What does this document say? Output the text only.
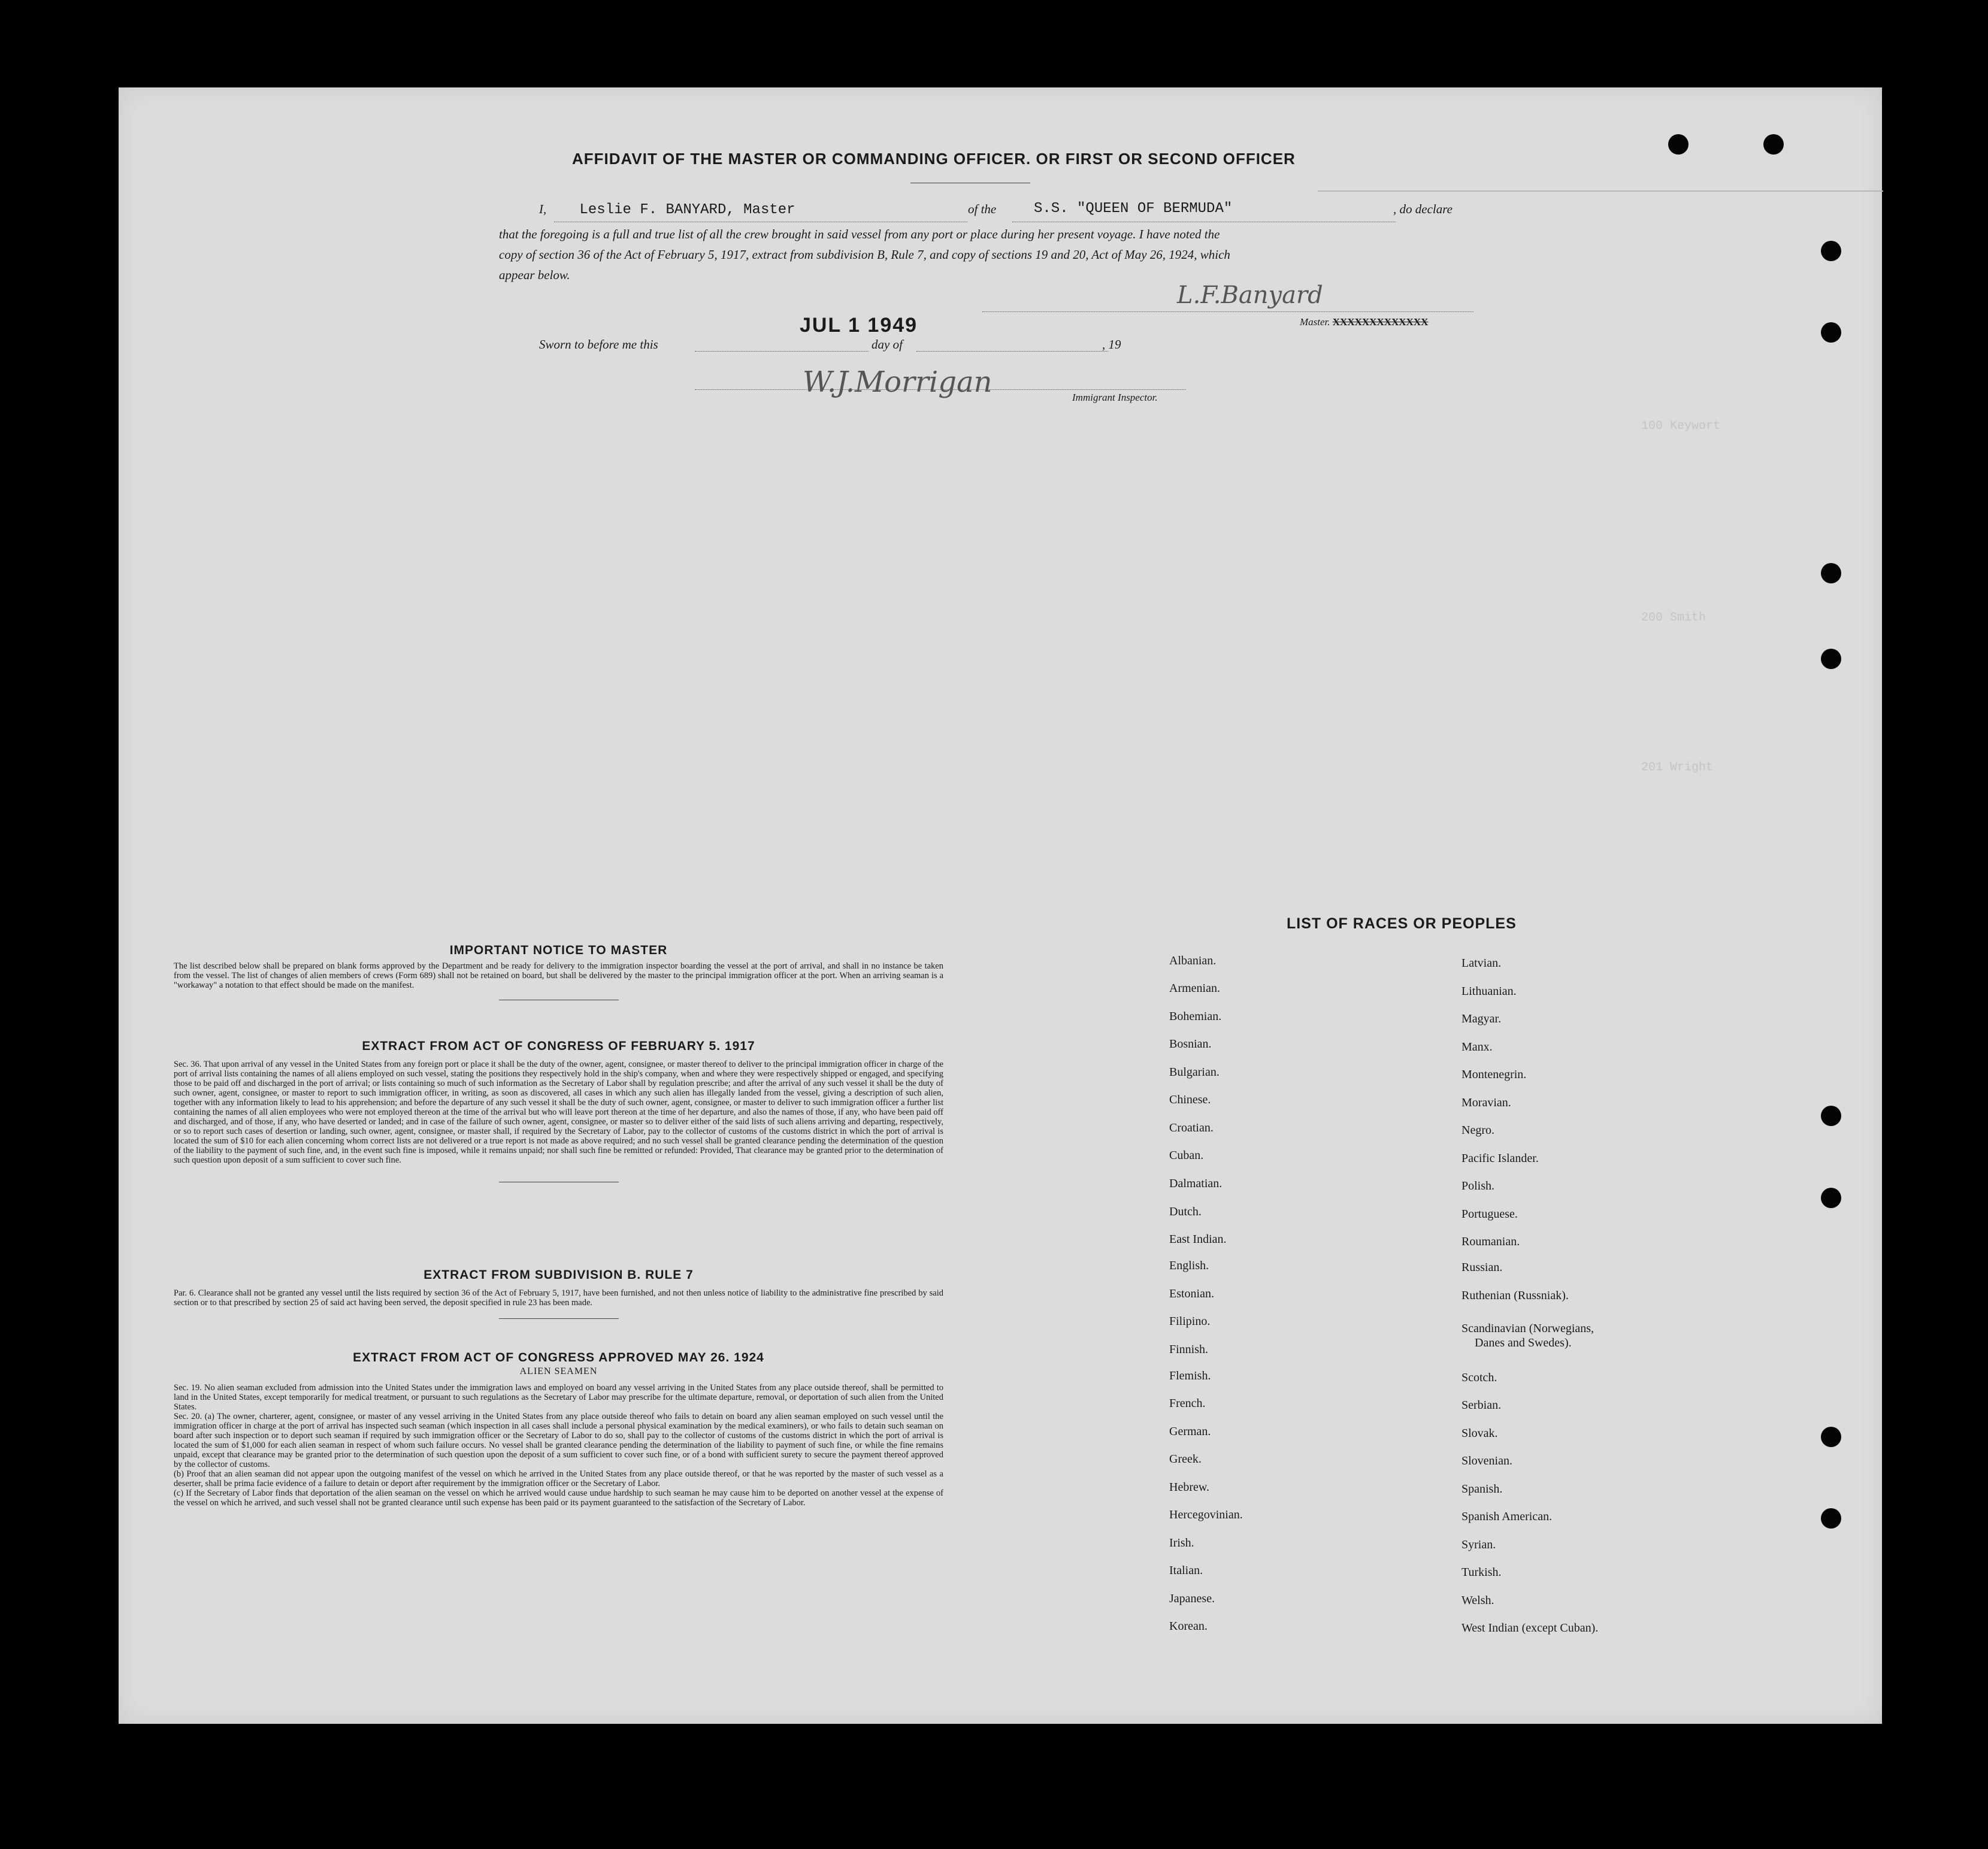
AFFIDAVIT OF THE MASTER OR COMMANDING OFFICER. OR FIRST OR SECOND OFFICER
I, Leslie F. BANYARD, Master	of the	S.S. "QUEEN OF BERMUDA"	, do declare
that the foregoing is a full and true list of all the crew brought in said vessel from any port or place during her present voyage. I have noted the
copy of section 36 of the Act of February 5, 1917, extract from subdivision B, Rule 7, and copy of sections 19 and 20, Act of May 26, 1924, which
appear below.
L.F.Banyard
Master. XXXXXXXXXXXXX
Sworn to before me this
JUL 1 1949
day of	, 19
W.J.Morrigan	Immigrant Inspector.
100 Keywort
200 Smith
201 Wright
IMPORTANT NOTICE TO MASTER

The list described below shall be prepared on blank forms approved by the Department and be ready for delivery to the immigration inspector boarding the vessel at the port of arrival, and shall in no instance be taken from the vessel. The list of changes of alien members of crews (Form 689) shall not be retained on board, but shall be delivered by the master to the principal immigration officer at the port. When an arriving seaman is a "workaway" a notation to that effect should be made on the manifest.

EXTRACT FROM ACT OF CONGRESS OF FEBRUARY 5. 1917

Sec. 36. That upon arrival of any vessel in the United States from any foreign port or place it shall be the duty of the owner, agent, consignee, or master thereof to deliver to the principal immigration officer in charge of the port of arrival lists containing the names of all aliens employed on such vessel, stating the positions they respectively hold in the ship's company, when and where they were respectively shipped or engaged, and specifying those to be paid off and discharged in the port of arrival; or lists containing so much of such information as the Secretary of Labor shall by regulation prescribe; and after the arrival of any such vessel it shall be the duty of such owner, agent, consignee, or master to report to such immigration officer, in writing, as soon as discovered, all cases in which any such alien has illegally landed from the vessel, giving a description of such alien, together with any information likely to lead to his apprehension; and before the departure of any such vessel it shall be the duty of such owner, agent, consignee, or master to deliver to such immigration officer a further list containing the names of all alien employees who were not employed thereon at the time of the arrival but who will leave port thereon at the time of her departure, and also the names of those, if any, who have been paid off and discharged, and of those, if any, who have deserted or landed; and in case of the failure of such owner, agent, consignee, or master so to deliver either of the said lists of such aliens arriving and departing, respectively, or so to report such cases of desertion or landing, such owner, agent, consignee, or master shall, if required by the Secretary of Labor, pay to the collector of customs of the customs district in which the port of arrival is located the sum of $10 for each alien concerning whom correct lists are not delivered or a true report is not made as above required; and no such vessel shall be granted clearance pending the determination of the question of the liability to the payment of such fine, and, in the event such fine is imposed, while it remains unpaid; nor shall such fine be remitted or refunded: Provided, That clearance may be granted prior to the determination of such question upon deposit of a sum sufficient to cover such fine.

EXTRACT FROM SUBDIVISION B. RULE 7

Par. 6. Clearance shall not be granted any vessel until the lists required by section 36 of the Act of February 5, 1917, have been furnished, and not then unless notice of liability to the administrative fine prescribed by said section or to that prescribed by section 25 of said act having been served, the deposit specified in rule 23 has been made.

EXTRACT FROM ACT OF CONGRESS APPROVED MAY 26. 1924
ALIEN SEAMEN

Sec. 19. No alien seaman excluded from admission into the United States under the immigration laws and employed on board any vessel arriving in the United States from any place outside thereof, shall be permitted to land in the United States, except temporarily for medical treatment, or pursuant to such regulations as the Secretary of Labor may prescribe for the ultimate departure, removal, or deportation of such alien from the United States.

Sec. 20. (a) The owner, charterer, agent, consignee, or master of any vessel arriving in the United States from any place outside thereof who fails to detain on board any alien seaman employed on such vessel until the immigration officer in charge at the port of arrival has inspected such seaman (which inspection in all cases shall include a personal physical examination by the medical examiners), or who fails to detain such seaman on board after such inspection or to deport such seaman if required by such immigration officer or the Secretary of Labor to do so, shall pay to the collector of customs of the customs district in which the port of arrival is located the sum of $1,000 for each alien seaman in respect of whom such failure occurs. No vessel shall be granted clearance pending the determination of the liability to payment of such fine, or while the fine remains unpaid, except that clearance may be granted prior to the determination of such question upon the deposit of a sum sufficient to cover such fine, or of a bond with sufficient surety to secure the payment thereof approved by the collector of customs.

(b) Proof that an alien seaman did not appear upon the outgoing manifest of the vessel on which he arrived in the United States from any place outside thereof, or that he was reported by the master of such vessel as a deserter, shall be prima facie evidence of a failure to detain or deport after requirement by the immigration officer or the Secretary of Labor.

(c) If the Secretary of Labor finds that deportation of the alien seaman on the vessel on which he arrived would cause undue hardship to such seaman he may cause him to be deported on another vessel at the expense of the vessel on which he arrived, and such vessel shall not be granted clearance until such expense has been paid or its payment guaranteed to the satisfaction of the Secretary of Labor.

LIST OF RACES OR PEOPLES
Albanian.
Armenian.
Bohemian.
Bosnian.
Bulgarian.
Chinese.
Croatian.
Cuban.
Dalmatian.
Dutch.
East Indian.
English.
Estonian.
Filipino.
Finnish.
Flemish.
French.
German.
Greek.
Hebrew.
Hercegovinian.
Irish.
Italian.
Japanese.
Korean.
Latvian.
Lithuanian.
Magyar.
Manx.
Montenegrin.
Moravian.
Negro.
Pacific Islander.
Polish.
Portuguese.
Roumanian.
Russian.
Ruthenian (Russniak).
Scandinavian (Norwegians,
Danes and Swedes).
Scotch.
Serbian.
Slovak.
Slovenian.
Spanish.
Spanish American.
Syrian.
Turkish.
Welsh.
West Indian (except Cuban).
